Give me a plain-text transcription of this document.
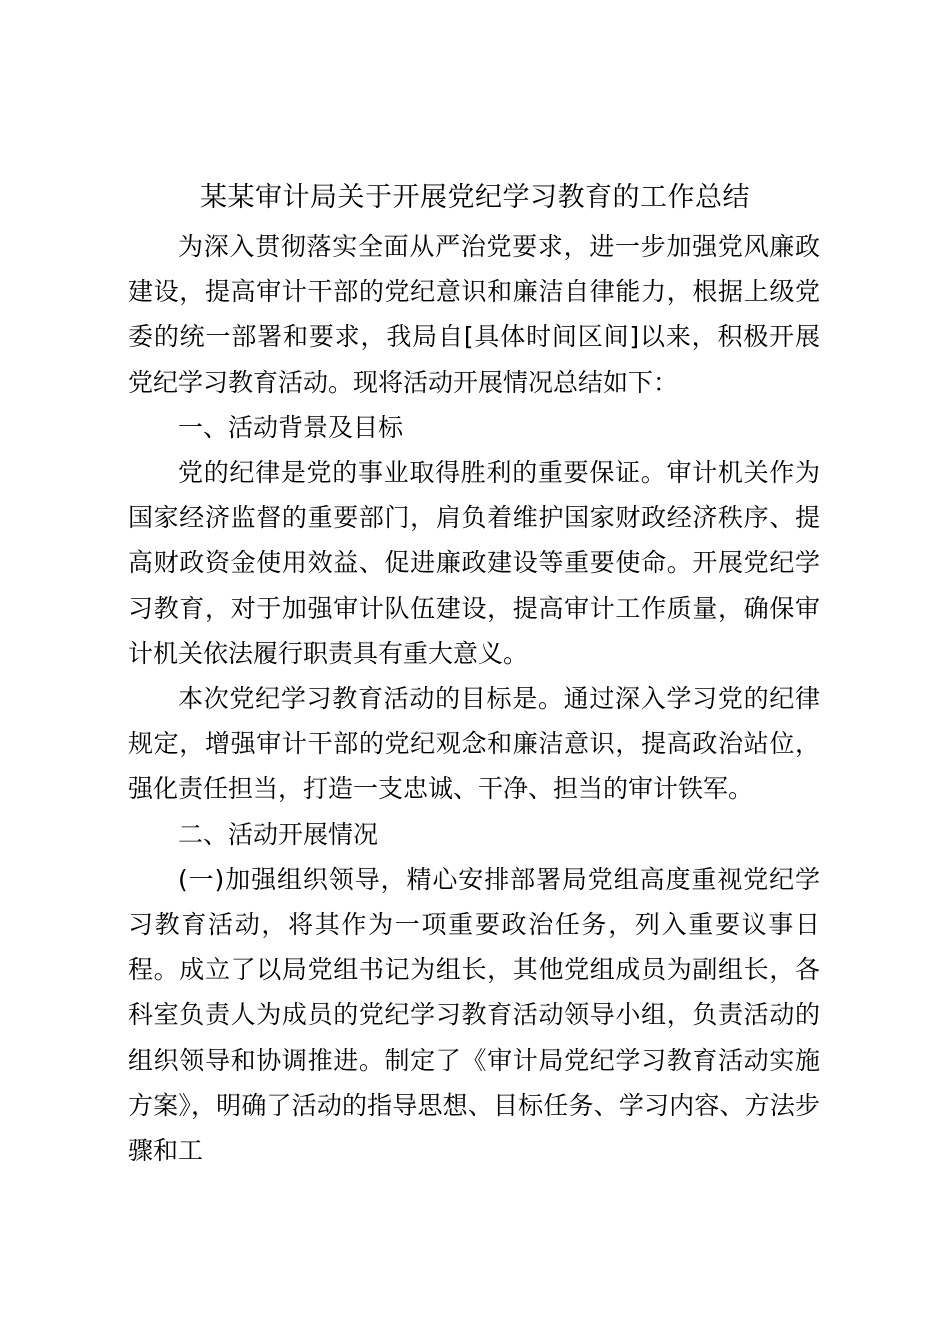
某某审计局关于开展党纪学习教育的工作总结

为深入贯彻落实全面从严治党要求，进一步加强党风廉政建设，提高审计干部的党纪意识和廉洁自律能力，根据上级党委的统一部署和要求，我局自[具体时间区间]以来，积极开展党纪学习教育活动。现将活动开展情况总结如下：

一、活动背景及目标

党的纪律是党的事业取得胜利的重要保证。审计机关作为国家经济监督的重要部门，肩负着维护国家财政经济秩序、提高财政资金使用效益、促进廉政建设等重要使命。开展党纪学习教育，对于加强审计队伍建设，提高审计工作质量，确保审计机关依法履行职责具有重大意义。

本次党纪学习教育活动的目标是。通过深入学习党的纪律规定，增强审计干部的党纪观念和廉洁意识，提高政治站位，强化责任担当，打造一支忠诚、干净、担当的审计铁军。

二、活动开展情况

(一)加强组织领导，精心安排部署局党组高度重视党纪学习教育活动，将其作为一项重要政治任务，列入重要议事日程。成立了以局党组书记为组长，其他党组成员为副组长，各科室负责人为成员的党纪学习教育活动领导小组，负责活动的组织领导和协调推进。制定了《审计局党纪学习教育活动实施方案》，明确了活动的指导思想、目标任务、学习内容、方法步骤和工
